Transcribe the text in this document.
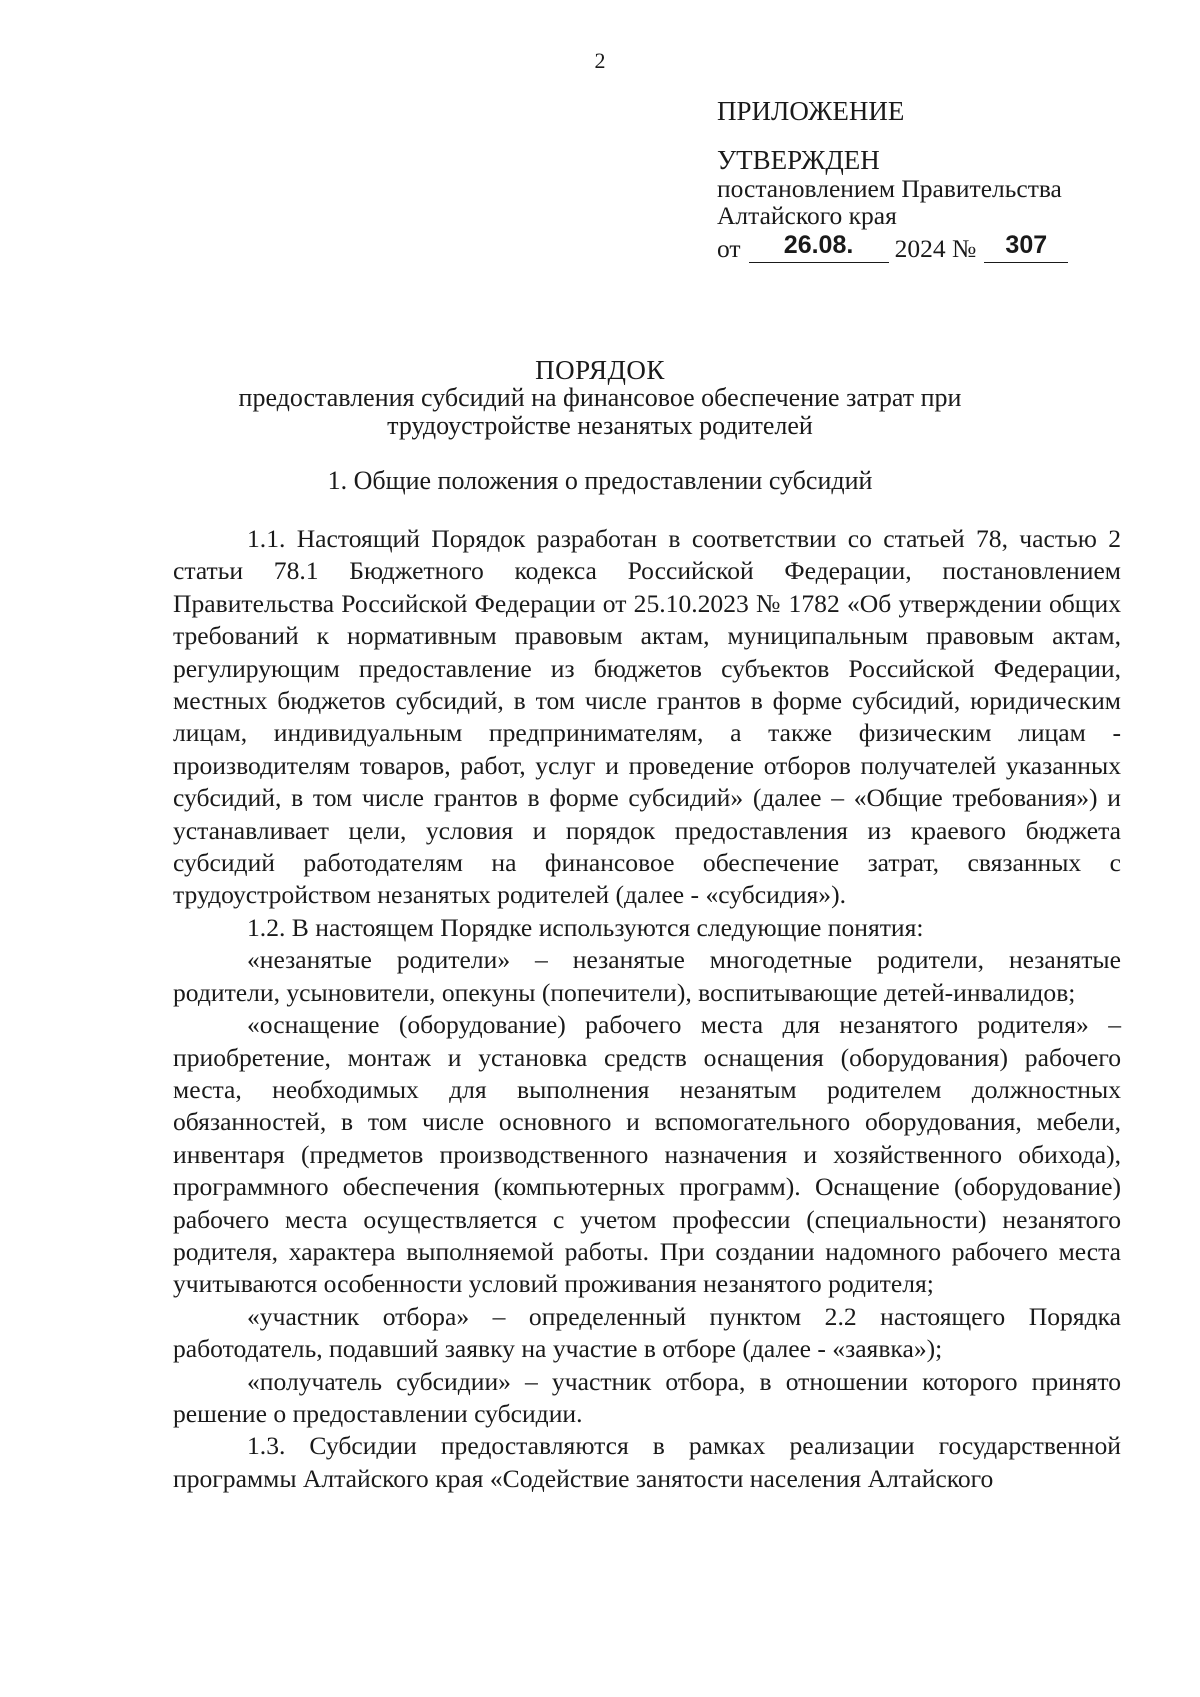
2
ПРИЛОЖЕНИЕ
УТВЕРЖДЕН
постановлением Правительства
Алтайского края
от 26.08. 2024 № 307
ПОРЯДОК
предоставления субсидий на финансовое обеспечение затрат при
трудоустройстве незанятых родителей
1. Общие положения о предоставлении субсидий

1.1. Настоящий Порядок разработан в соответствии со статьей 78, частью 2 статьи 78.1 Бюджетного кодекса Российской Федерации, постановлением Правительства Российской Федерации от 25.10.2023 № 1782 «Об утверждении общих требований к нормативным правовым актам, муниципальным правовым актам, регулирующим предоставление из бюджетов субъектов Российской Федерации, местных бюджетов субсидий, в том числе грантов в форме субсидий, юридическим лицам, индивидуальным предпринимателям, а также физическим лицам - производителям товаров, работ, услуг и проведение отборов получателей указанных субсидий, в том числе грантов в форме субсидий» (далее – «Общие требования») и устанавливает цели, условия и порядок предоставления из краевого бюджета субсидий работодателям на финансовое обеспечение затрат, связанных с трудоустройством незанятых родителей (далее - «субсидия»).

1.2. В настоящем Порядке используются следующие понятия:

«незанятые родители» – незанятые многодетные родители, незанятые родители, усыновители, опекуны (попечители), воспитывающие детей-инвалидов;

«оснащение (оборудование) рабочего места для незанятого родителя» – приобретение, монтаж и установка средств оснащения (оборудования) рабочего места, необходимых для выполнения незанятым родителем должностных обязанностей, в том числе основного и вспомогательного оборудования, мебели, инвентаря (предметов производственного назначения и хозяйственного обихода), программного обеспечения (компьютерных программ). Оснащение (оборудование) рабочего места осуществляется с учетом профессии (специальности) незанятого родителя, характера выполняемой работы. При создании надомного рабочего места учитываются особенности условий проживания незанятого родителя;

«участник отбора» – определенный пунктом 2.2 настоящего Порядка работодатель, подавший заявку на участие в отборе (далее - «заявка»);

«получатель субсидии» – участник отбора, в отношении которого принято решение о предоставлении субсидии.

1.3. Субсидии предоставляются в рамках реализации государственной программы Алтайского края «Содействие занятости населения Алтайского
